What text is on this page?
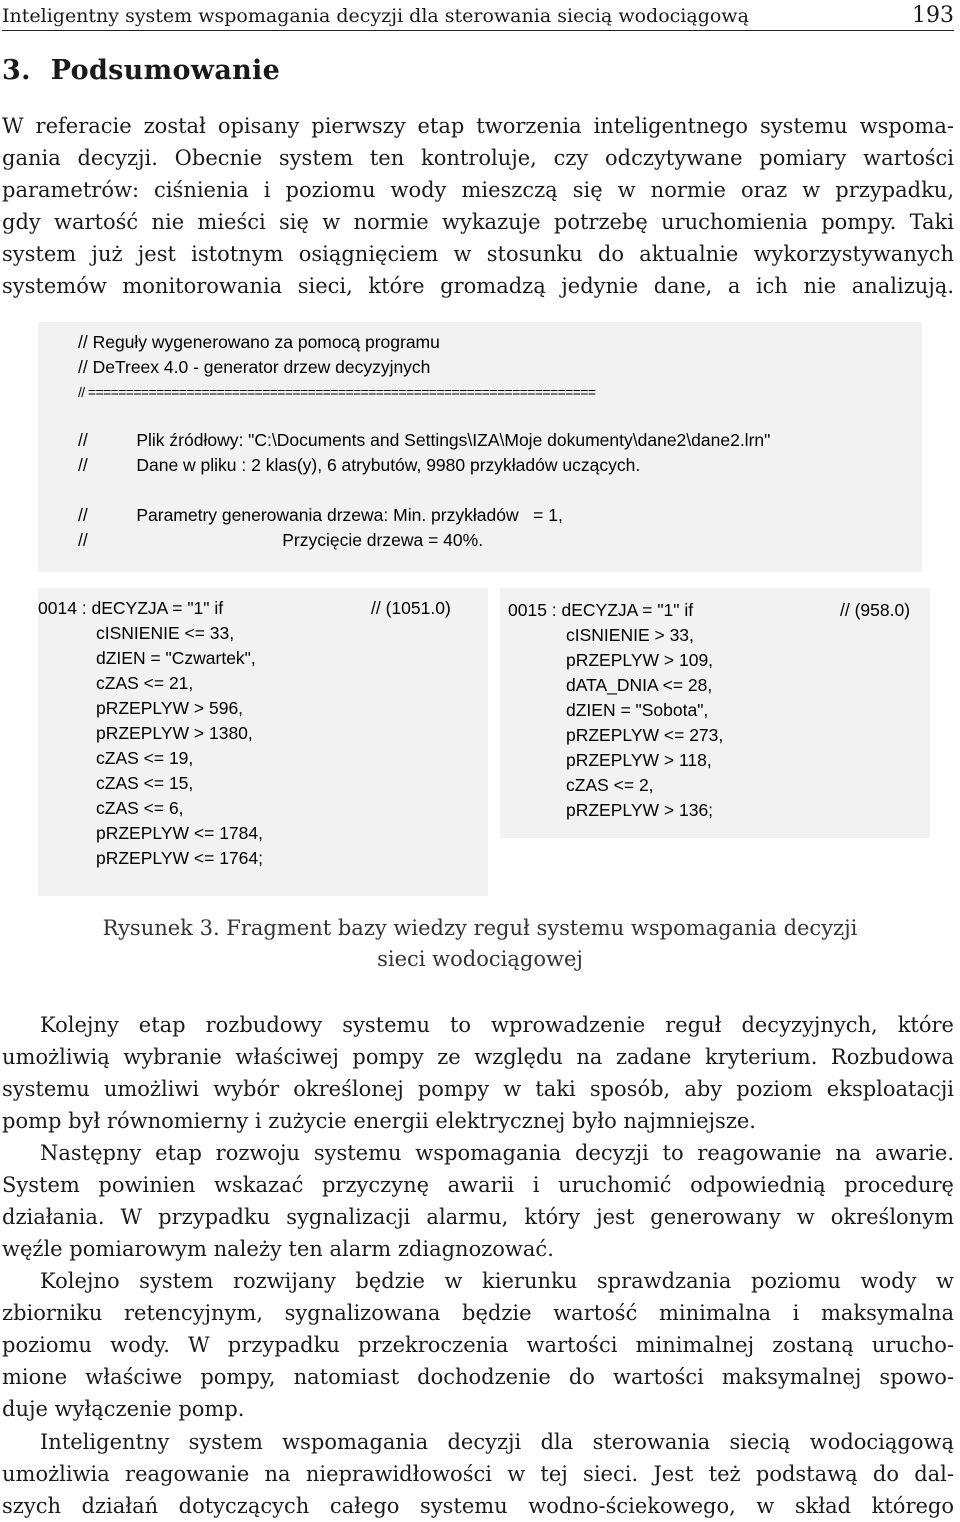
Inteligentny system wspomagania decyzji dla sterowania siecią wodociągową	193
3. Podsumowanie
W referacie został opisany pierwszy etap tworzenia inteligentnego systemu wspoma-
gania decyzji. Obecnie system ten kontroluje, czy odczytywane pomiary wartości
parametrów: ciśnienia i poziomu wody mieszczą się w normie oraz w przypadku,
gdy wartość nie mieści się w normie wykazuje potrzebę uruchomienia pompy. Taki
system już jest istotnym osiągnięciem w stosunku do aktualnie wykorzystywanych
systemów monitorowania sieci, które gromadzą jedynie dane, a ich nie analizują.
// Reguły wygenerowano za pomocą programu
// DeTreex 4.0 - generator drzew decyzyjnych
// ===================================================================
//          Plik źródłowy: "C:\Documents and Settings\IZA\Moje dokumenty\dane2\dane2.lrn"
//          Dane w pliku : 2 klas(y), 6 atrybutów, 9980 przykładów uczących.
//          Parametry generowania drzewa: Min. przykładów   = 1,
//                                        Przycięcie drzewa = 40%.
0014 : dECYZJA = "1" if	// (1051.0)
cISNIENIE <= 33,
dZIEN = "Czwartek",
cZAS <= 21,
pRZEPLYW > 596,
pRZEPLYW > 1380,
cZAS <= 19,
cZAS <= 15,
cZAS <= 6,
pRZEPLYW <= 1784,
pRZEPLYW <= 1764;
0015 : dECYZJA = "1" if	// (958.0)
cISNIENIE > 33,
pRZEPLYW > 109,
dATA_DNIA <= 28,
dZIEN = "Sobota",
pRZEPLYW <= 273,
pRZEPLYW > 118,
cZAS <= 2,
pRZEPLYW > 136;
Rysunek 3. Fragment bazy wiedzy reguł systemu wspomagania decyzji
sieci wodociągowej
Kolejny etap rozbudowy systemu to wprowadzenie reguł decyzyjnych, które
umożliwią wybranie właściwej pompy ze względu na zadane kryterium. Rozbudowa
systemu umożliwi wybór określonej pompy w taki sposób, aby poziom eksploatacji
pomp był równomierny i zużycie energii elektrycznej było najmniejsze.
Następny etap rozwoju systemu wspomagania decyzji to reagowanie na awarie.
System powinien wskazać przyczynę awarii i uruchomić odpowiednią procedurę
działania. W przypadku sygnalizacji alarmu, który jest generowany w określonym
węźle pomiarowym należy ten alarm zdiagnozować.
Kolejno system rozwijany będzie w kierunku sprawdzania poziomu wody w
zbiorniku retencyjnym, sygnalizowana będzie wartość minimalna i maksymalna
poziomu wody. W przypadku przekroczenia wartości minimalnej zostaną urucho-
mione właściwe pompy, natomiast dochodzenie do wartości maksymalnej spowo-
duje wyłączenie pomp.
Inteligentny system wspomagania decyzji dla sterowania siecią wodociągową
umożliwia reagowanie na nieprawidłowości w tej sieci. Jest też podstawą do dal-
szych działań dotyczących całego systemu wodno-ściekowego, w skład którego
